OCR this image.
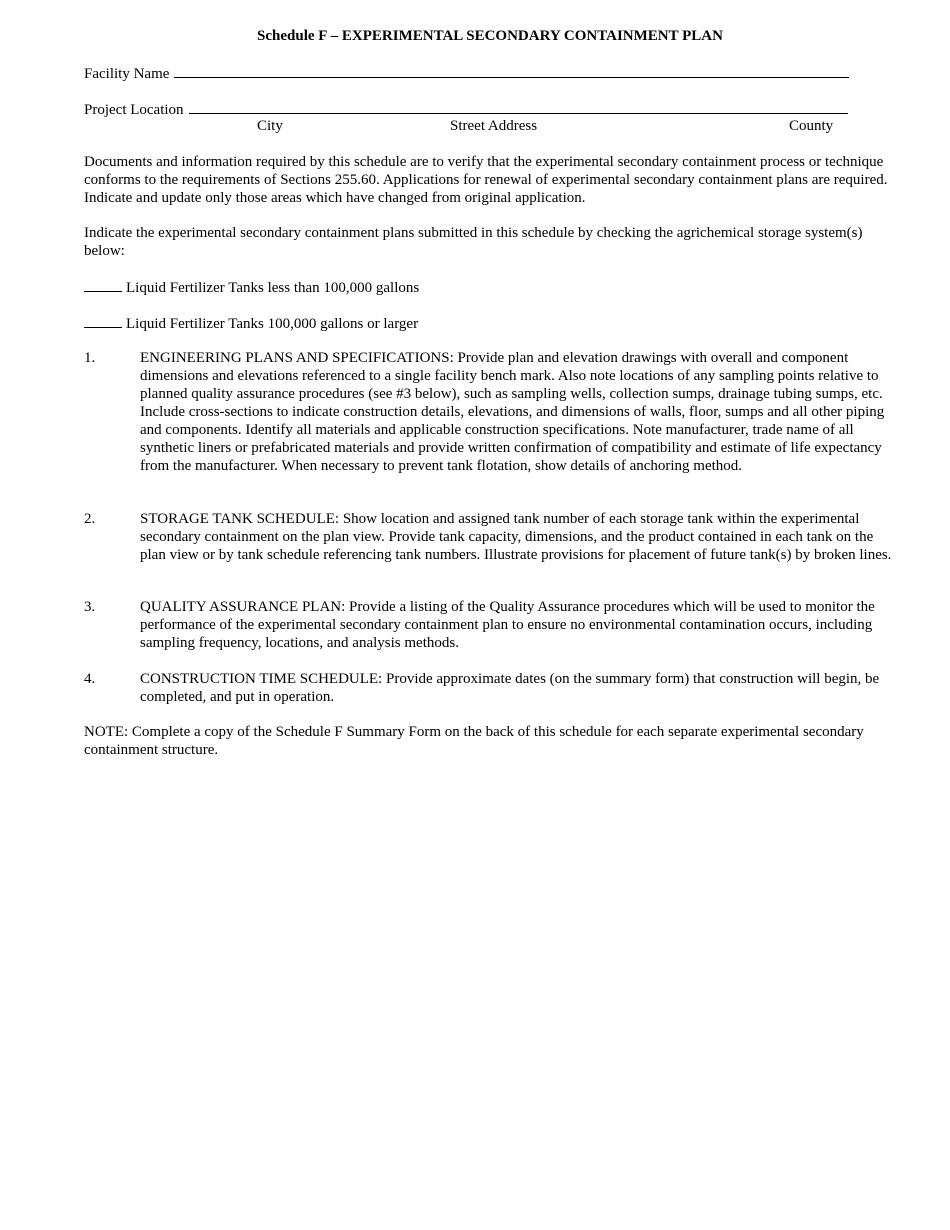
Schedule F – EXPERIMENTAL SECONDARY CONTAINMENT PLAN
Facility Name
Project Location
City	Street Address	County

Documents and information required by this schedule are to verify that the experimental secondary containment process or technique conforms to the requirements of Sections 255.60. Applications for renewal of experimental secondary containment plans are required. Indicate and update only those areas which have changed from original application.

Indicate the experimental secondary containment plans submitted in this schedule by checking the agrichemical storage system(s) below:

Liquid Fertilizer Tanks less than 100,000 gallons
Liquid Fertilizer Tanks 100,000 gallons or larger
1.	ENGINEERING PLANS AND SPECIFICATIONS: Provide plan and elevation drawings with overall and component dimensions and elevations referenced to a single facility bench mark. Also note locations of any sampling points relative to planned quality assurance procedures (see #3 below), such as sampling wells, collection sumps, drainage tubing sumps, etc. Include cross-sections to indicate construction details, elevations, and dimensions of walls, floor, sumps and all other piping and components. Identify all materials and applicable construction specifications. Note manufacturer, trade name of all synthetic liners or prefabricated materials and provide written confirmation of compatibility and estimate of life expectancy from the manufacturer. When necessary to prevent tank flotation, show details of anchoring method.
2.	STORAGE TANK SCHEDULE: Show location and assigned tank number of each storage tank within the experimental secondary containment on the plan view. Provide tank capacity, dimensions, and the product contained in each tank on the plan view or by tank schedule referencing tank numbers. Illustrate provisions for placement of future tank(s) by broken lines.
3.	QUALITY ASSURANCE PLAN: Provide a listing of the Quality Assurance procedures which will be used to monitor the performance of the experimental secondary containment plan to ensure no environmental contamination occurs, including sampling frequency, locations, and analysis methods.
4.	CONSTRUCTION TIME SCHEDULE: Provide approximate dates (on the summary form) that construction will begin, be completed, and put in operation.

NOTE: Complete a copy of the Schedule F Summary Form on the back of this schedule for each separate experimental secondary containment structure.
